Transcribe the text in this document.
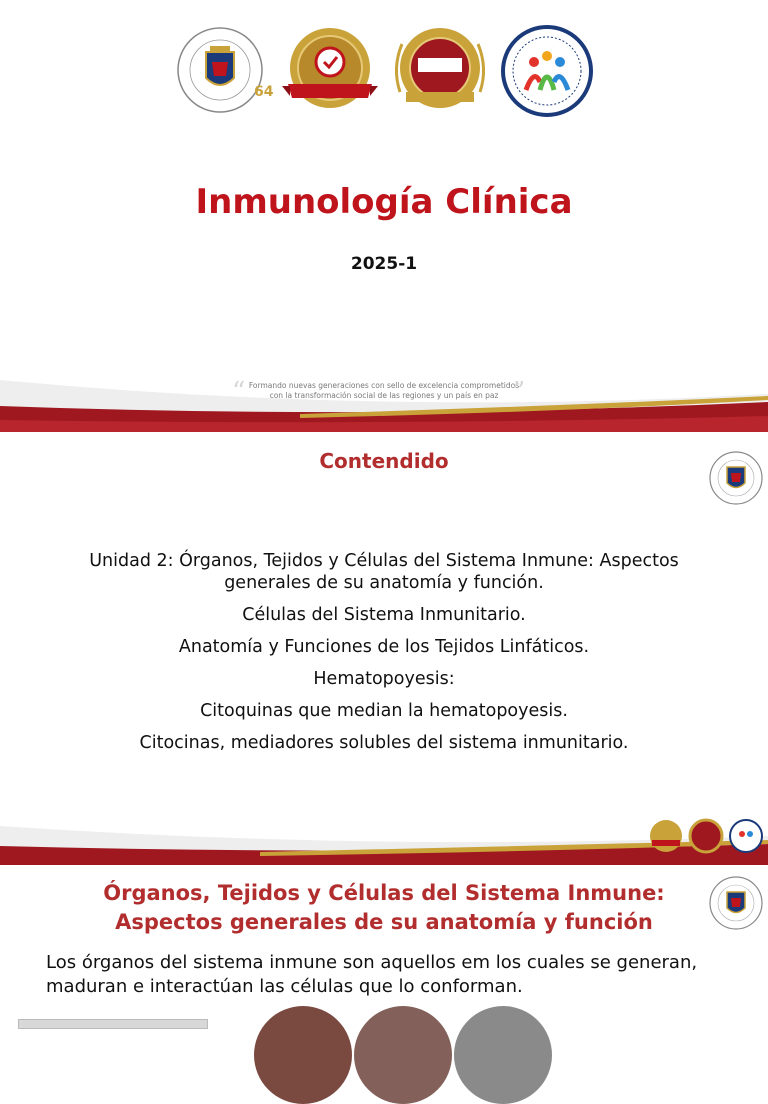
64
Inmunología Clínica
2025-1
Formando nuevas generaciones con sello de excelencia comprometidos
con la transformación social de las regiones y un país en paz
“	”
Contendido
Unidad 2: Órganos, Tejidos y Células del Sistema Inmune: Aspectos generales de su anatomía y función.
Células del Sistema Inmunitario.
Anatomía y Funciones de los Tejidos Linfáticos.
Hematopoyesis:
Citoquinas que median la hematopoyesis.
Citocinas, mediadores solubles del sistema inmunitario.
Órganos, Tejidos y Células del Sistema Inmune: Aspectos generales de su anatomía y función
Los órganos del sistema inmune son aquellos em los cuales se generan, maduran e interactúan las células que lo conforman.
